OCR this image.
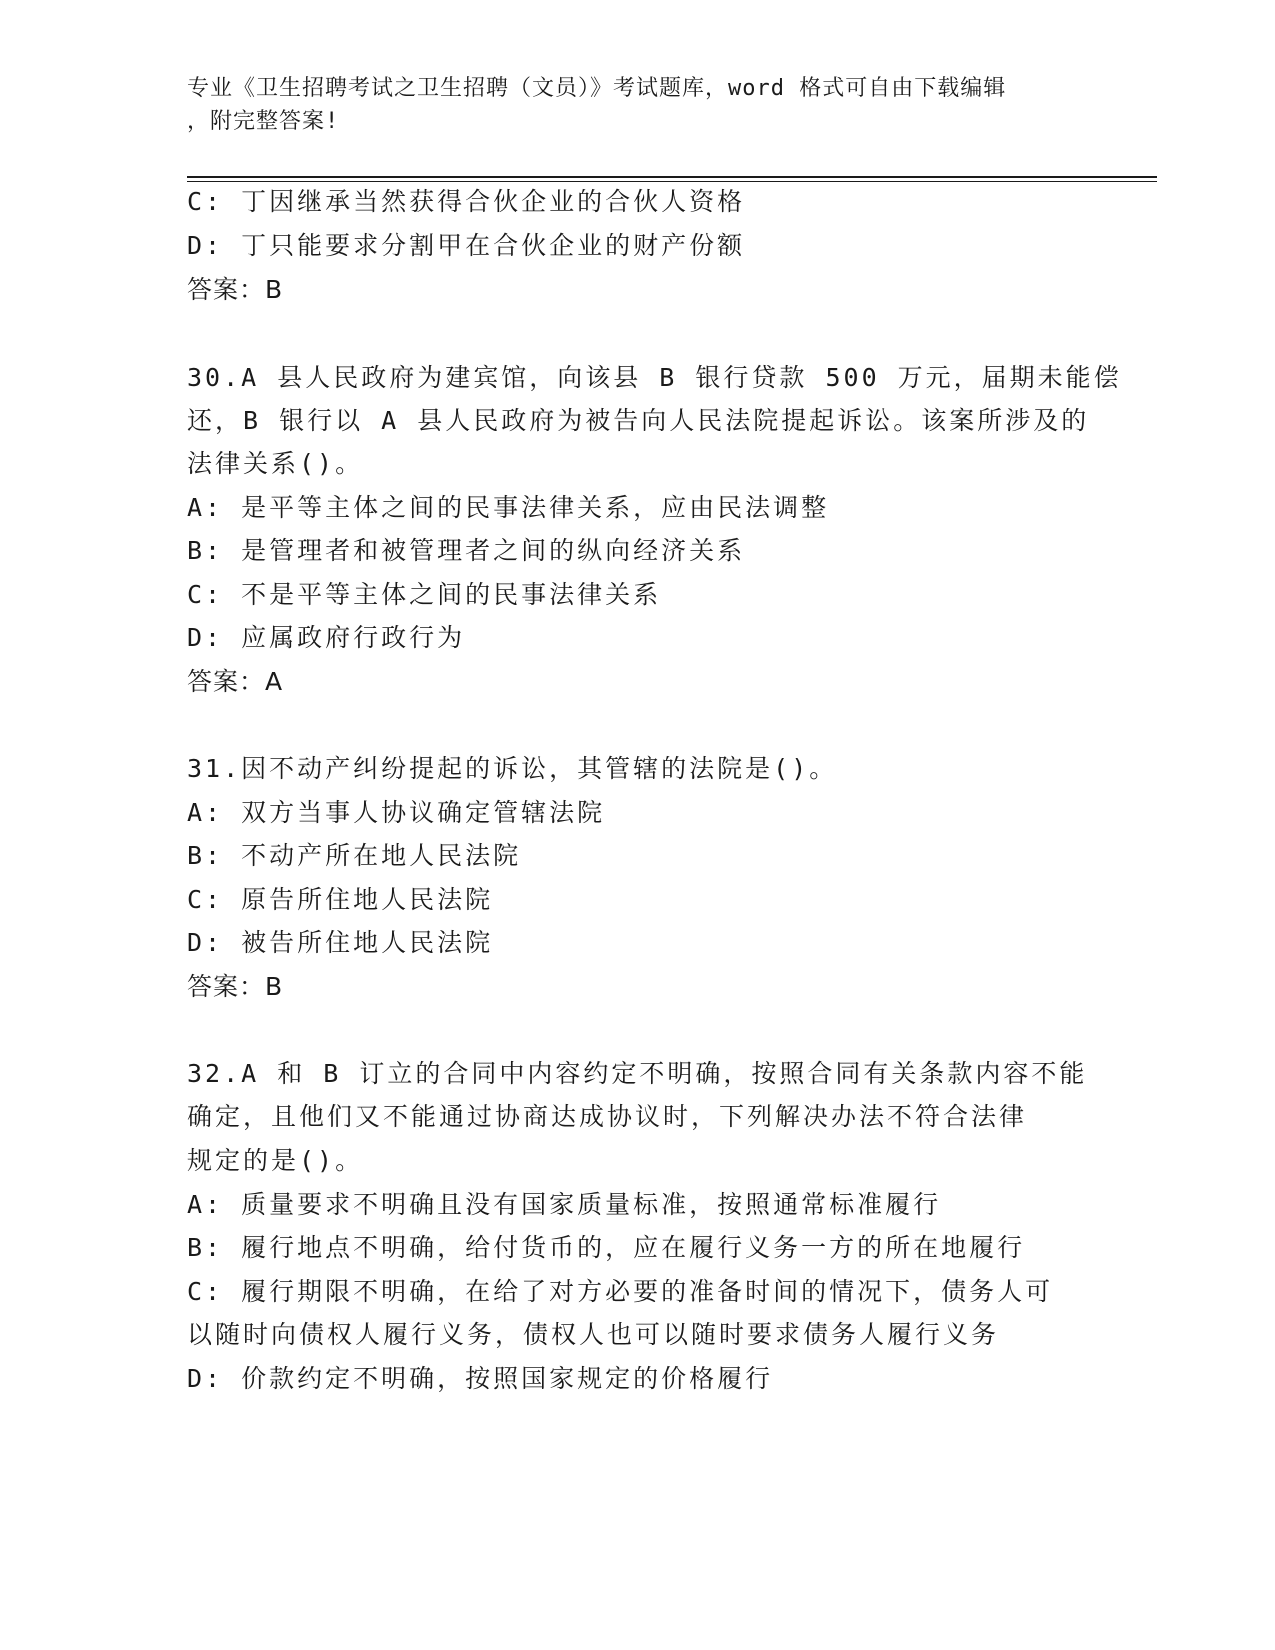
专业《卫生招聘考试之卫生招聘（文员）》考试题库，word 格式可自由下载编辑
，附完整答案!
C: 丁因继承当然获得合伙企业的合伙人资格
D: 丁只能要求分割甲在合伙企业的财产份额
答案：B
30.A 县人民政府为建宾馆，向该县 B 银行贷款 500 万元，届期未能偿
还，B 银行以 A 县人民政府为被告向人民法院提起诉讼。该案所涉及的
法律关系()。
A: 是平等主体之间的民事法律关系，应由民法调整
B: 是管理者和被管理者之间的纵向经济关系
C: 不是平等主体之间的民事法律关系
D: 应属政府行政行为
答案：A
31.因不动产纠纷提起的诉讼，其管辖的法院是()。
A: 双方当事人协议确定管辖法院
B: 不动产所在地人民法院
C: 原告所住地人民法院
D: 被告所住地人民法院
答案：B
32.A 和 B 订立的合同中内容约定不明确，按照合同有关条款内容不能
确定，且他们又不能通过协商达成协议时，下列解决办法不符合法律
规定的是()。
A: 质量要求不明确且没有国家质量标准，按照通常标准履行
B: 履行地点不明确，给付货币的，应在履行义务一方的所在地履行
C: 履行期限不明确，在给了对方必要的准备时间的情况下，债务人可
以随时向债权人履行义务，债权人也可以随时要求债务人履行义务
D: 价款约定不明确，按照国家规定的价格履行
